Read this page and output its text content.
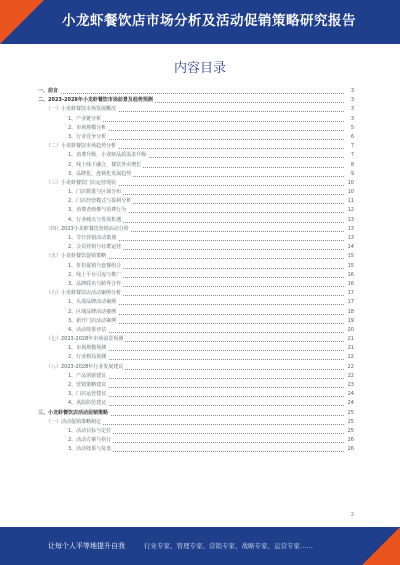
小龙虾餐饮店市场分析及活动促销策略研究报告
内容目录
一、前言	3
二、2023-2028年小龙虾餐饮市场前景及趋势预测	3
（一）小龙虾餐饮市场发展概况	3
1、产业链分析	3
2、市场规模分析	5
3、行业竞争分析	6
（二）小龙虾餐饮市场趋势分析	7
1、消费升级，小龙虾品质需求升级	7
2、线上线下融合，餐饮外卖增长	8
3、品牌化、连锁化发展趋势	9
（三）小龙虾餐饮门店运营现状	10
1、门店数量与区域分布	10
2、门店经营模式与盈利分析	11
3、消费者画像与消费行为	12
4、行业痛点与发展机遇	13
（四）2023小龙虾餐饮营销活动分析	13
1、节日营销活动策划	13
2、会员营销与社群运营	14
（五）小龙虾餐饮促销策略	15
1、折扣促销与套餐组合	15
2、线上平台引流与推广	16
3、品牌联名与跨界合作	16
（六）小龙虾餐饮店活动案例分析	17
1、头部品牌活动案例	17
2、区域品牌活动案例	18
3、新开门店活动案例	19
4、活动效果评估	20
（七）2023-2028年市场前景预测	21
1、市场规模预测	21
2、行业格局预测	22
（八）2023-2028年行业发展建议	22
1、产品创新建议	22
2、营销策略建议	23
3、门店运营建议	24
4、风险防范建议	24
三、小龙虾餐饮店活动促销策略	25
（一）活动促销策略制定	25
1、活动目标与定位	25
2、活动方案与执行	26
3、活动效果与复盘	26
2
让每个人平等地提升自我	行业专家、管理专家、营销专家、战略专家、运营专家……
